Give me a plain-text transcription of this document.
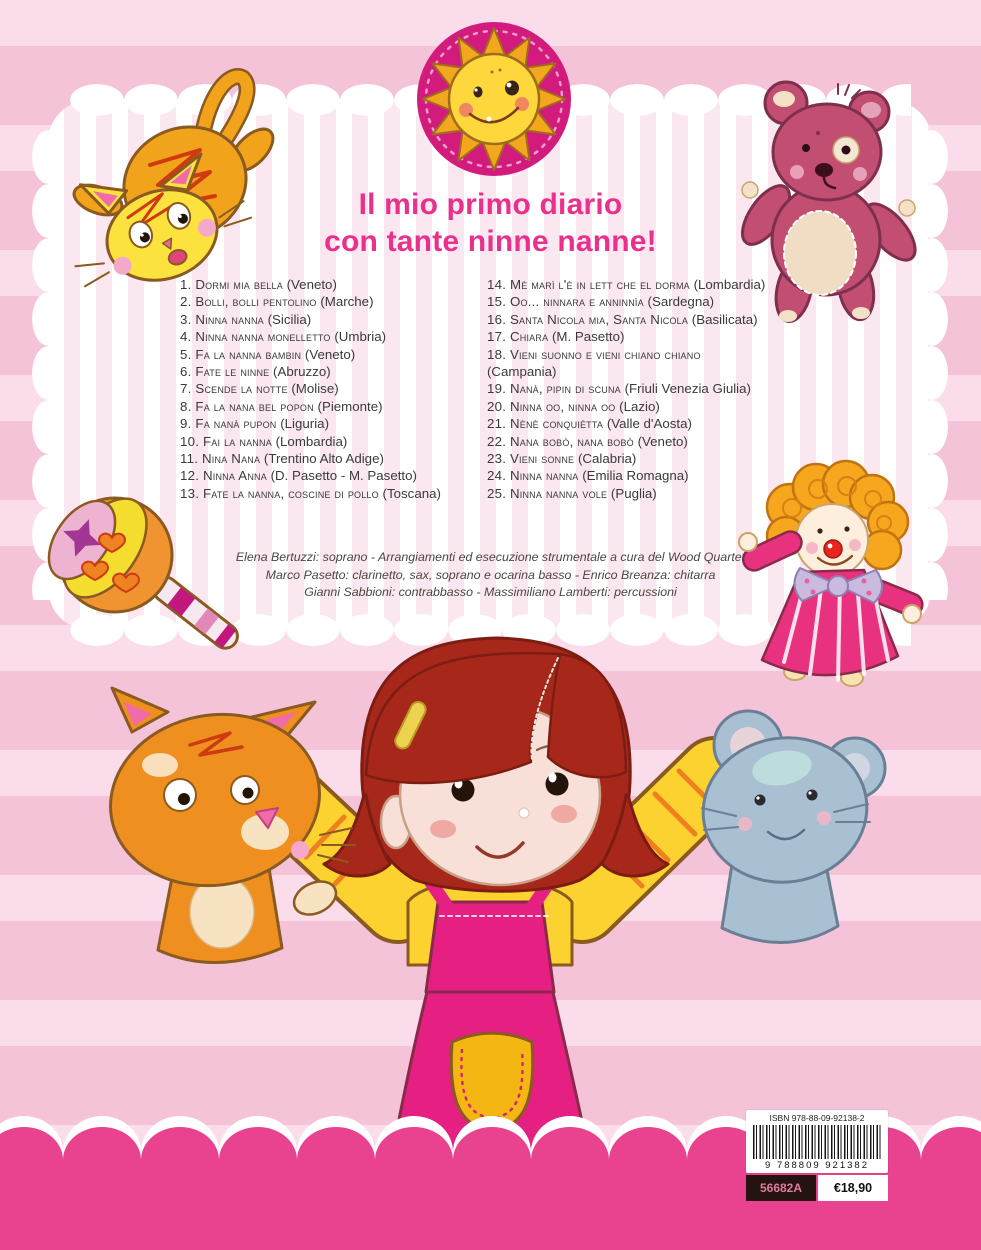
Il mio primo diario
con tante ninne nanne!
1. Dormi mia bella (Veneto)
2. Bolli, bolli pentolino (Marche)
3. Ninna nanna (Sicilia)
4. Ninna nanna monelletto (Umbria)
5. Fa la nanna bambin (Veneto)
6. Fate le ninne (Abruzzo)
7. Scende la notte (Molise)
8. Fa la nana bel popon (Piemonte)
9. Fa nanà pupon (Liguria)
10. Fai la nanna (Lombardia)
11. Nina Nana (Trentino Alto Adige)
12. Ninna Anna (D. Pasetto - M. Pasetto)
13. Fate la nanna, coscine di pollo (Toscana)
14. Mè marì l'è in lett che el dorma (Lombardia)
15. Oo... ninnara e anninnìa (Sardegna)
16. Santa Nicola mia, Santa Nicola (Basilicata)
17. Chiara (M. Pasetto)
18. Vieni suonno e vieni chiano chiano
(Campania)
19. Nanà, pipin di scuna (Friuli Venezia Giulia)
20. Ninna oo, ninna oo (Lazio)
21. Nènè conquiètta (Valle d'Aosta)
22. Nana bobò, nana bobò (Veneto)
23. Vieni sonne (Calabria)
24. Ninna nanna (Emilia Romagna)
25. Ninna nanna vole (Puglia)
Elena Bertuzzi: soprano - Arrangiamenti ed esecuzione strumentale a cura del Wood Quartet
Marco Pasetto: clarinetto, sax, soprano e ocarina basso - Enrico Breanza: chitarra
Gianni Sabbioni: contrabbasso - Massimiliano Lamberti: percussioni
ISBN 978-88-09-92138-2
9 788809 921382
56682A	€18,90
